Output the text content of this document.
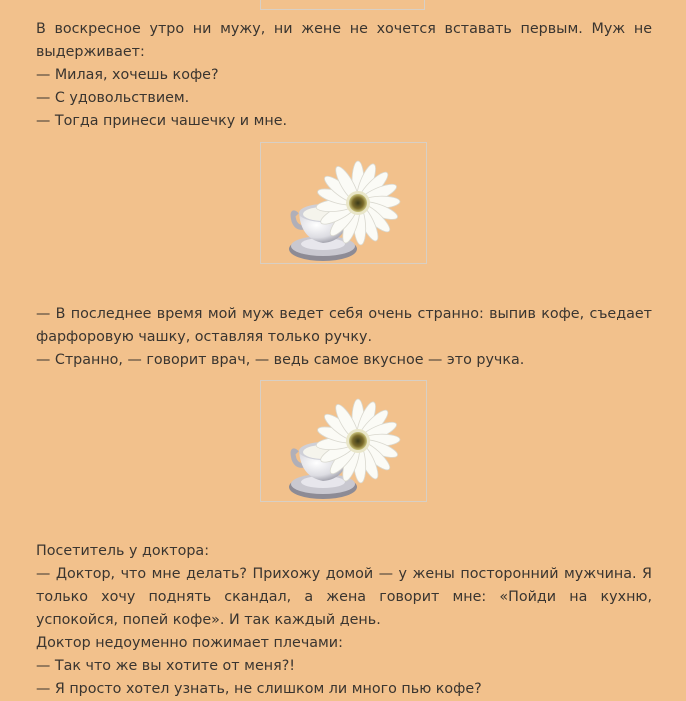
В воскресное утро ни мужу, ни жене не хочется вставать первым. Муж не
выдерживает:
— Милая, хочешь кофе?
— С удовольствием.
— Тогда принеси чашечку и мне.
— В последнее время мой муж ведет себя очень странно: выпив кофе, съедает
фарфоровую чашку, оставляя только ручку.
— Странно, — говорит врач, — ведь самое вкусное — это ручка.
Посетитель у доктора:
— Доктор, что мне делать? Прихожу домой — у жены посторонний мужчина. Я
только хочу поднять скандал, а жена говорит мне: «Пойди на кухню,
успокойся, попей кофе». И так каждый день.
Доктор недоуменно пожимает плечами:
— Так что же вы хотите от меня?!
— Я просто хотел узнать, не слишком ли много пью кофе?
